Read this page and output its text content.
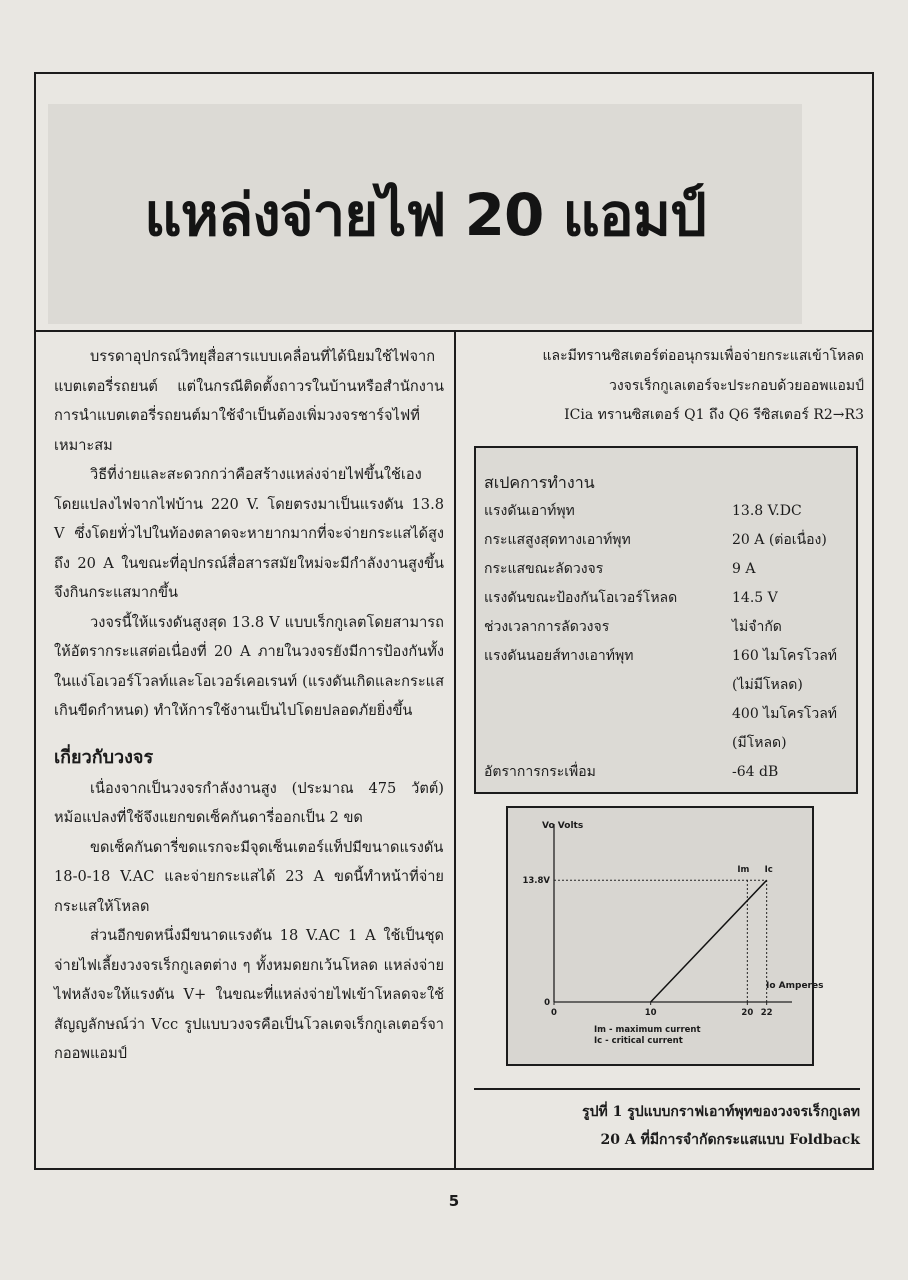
แหล่งจ่ายไฟ 20 แอมป์

บรรดาอุปกรณ์วิทยุสื่อสารแบบเคลื่อนที่ได้นิยมใช้ไฟจากแบตเตอรี่รถยนต์ แต่ในกรณีติดตั้งถาวรในบ้านหรือสำนักงาน การนำแบตเตอรี่รถยนต์มาใช้จำเป็นต้องเพิ่มวงจรชาร์จไฟที่เหมาะสม

วิธีที่ง่ายและสะดวกกว่าคือสร้างแหล่งจ่ายไฟขึ้นใช้เอง โดยแปลงไฟจากไฟบ้าน 220 V. โดยตรงมาเป็นแรงดัน 13.8 V ซึ่งโดยทั่วไปในท้องตลาดจะหายากมากที่จะจ่ายกระแสได้สูงถึง 20 A ในขณะที่อุปกรณ์สื่อสารสมัยใหม่จะมีกำลังงานสูงขึ้น จึงกินกระแสมากขึ้น

วงจรนี้ให้แรงดันสูงสุด 13.8 V แบบเร็กกูเลตโดยสามารถให้อัตรากระแสต่อเนื่องที่ 20 A ภายในวงจรยังมีการป้องกันทั้งในแง่โอเวอร์โวลท์และโอเวอร์เคอเรนท์ (แรงดันเกิดและกระแสเกินขีดกำหนด) ทำให้การใช้งานเป็นไปโดยปลอดภัยยิ่งขึ้น

เกี่ยวกับวงจร

เนื่องจากเป็นวงจรกำลังงานสูง (ประมาณ 475 วัตต์) หม้อแปลงที่ใช้จึงแยกขดเซ็คกันดารี่ออกเป็น 2 ขด

ขดเซ็คกันดารี่ขดแรกจะมีจุดเซ็นเตอร์แท็ปมีขนาดแรงดัน 18-0-18 V.AC และจ่ายกระแสได้ 23 A ขดนี้ทำหน้าที่จ่ายกระแสให้โหลด

ส่วนอีกขดหนึ่งมีขนาดแรงดัน 18 V.AC 1 A ใช้เป็นชุดจ่ายไฟเลี้ยงวงจรเร็กกูเลตต่าง ๆ ทั้งหมดยกเว้นโหลด แหล่งจ่ายไฟหลังจะให้แรงดัน V+ ในขณะที่แหล่งจ่ายไฟเข้าโหลดจะใช้สัญญลักษณ์ว่า Vcc รูปแบบวงจรคือเป็นโวลเตจเร็กกูเลเตอร์จากออพแอมป์

และมีทรานซิสเตอร์ต่ออนุกรมเพื่อจ่ายกระแสเข้าโหลด

วงจรเร็กกูเลเตอร์จะประกอบด้วยออพแอมป์

ICia ทรานซิสเตอร์ Q1 ถึง Q6 รีซิสเตอร์ R2→R3

สเปคการทำงาน
แรงดันเอาท์พุท	13.8 V.DC
กระแสสูงสุดทางเอาท์พุท	20 A (ต่อเนื่อง)
กระแสขณะลัดวงจร	9 A
แรงดันขณะป้องกันโอเวอร์โหลด	14.5 V
ช่วงเวลาการลัดวงจร	ไม่จำกัด
แรงดันนอยส์ทางเอาท์พุท	160 ไมโครโวลท์
(ไม่มีโหลด)
400 ไมโครโวลท์
(มีโหลด)
อัตราการกระเพื่อม	-64 dB
Vo Volts
Io Amperes
0	10	20 22
0
13.8V
Im Ic
Im - maximum current
Ic - critical current

รูปที่ 1 รูปแบบกราฟเอาท์พุทของวงจรเร็กกูเลท

20 A ที่มีการจำกัดกระแสแบบ Foldback

5
